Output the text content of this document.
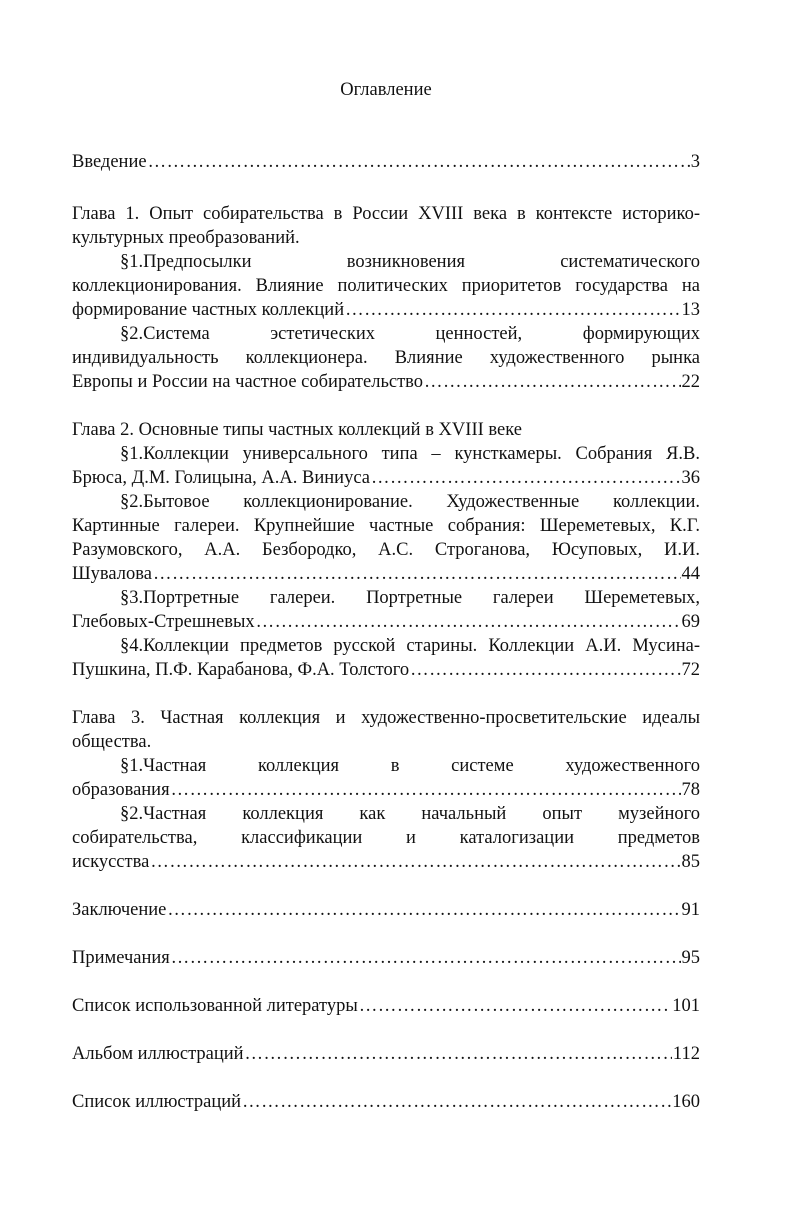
Оглавление
Введение ……………………………………………………………………………………………………………………………………………………	3
Глава 1. Опыт собирательства в России XVIII века в контексте историко-
культурных преобразований.
§1.Предпосылки возникновения систематического
коллекционирования. Влияние политических приоритетов государства на
формирование частных коллекций ……………………………………………………………………………………………………………………………………………………	13
§2.Система эстетических ценностей, формирующих
индивидуальность коллекционера. Влияние художественного рынка
Европы и России на частное собирательство ……………………………………………………………………………………………………………………………………………………	22
Глава 2. Основные типы частных коллекций в XVIII веке
§1.Коллекции универсального типа – кунсткамеры. Собрания Я.В.
Брюса, Д.М. Голицына, А.А. Виниуса ……………………………………………………………………………………………………………………………………………………	36
§2.Бытовое коллекционирование. Художественные коллекции.
Картинные галереи. Крупнейшие частные собрания: Шереметевых, К.Г.
Разумовского, А.А. Безбородко, А.С. Строганова, Юсуповых, И.И.
Шувалова ……………………………………………………………………………………………………………………………………………………	44
§3.Портретные галереи. Портретные галереи Шереметевых,
Глебовых-Стрешневых ……………………………………………………………………………………………………………………………………………………	69
§4.Коллекции предметов русской старины. Коллекции А.И. Мусина-
Пушкина, П.Ф. Карабанова, Ф.А. Толстого ……………………………………………………………………………………………………………………………………………………	72
Глава 3. Частная коллекция и художественно-просветительские идеалы
общества.
§1.Частная коллекция в системе художественного
образования ……………………………………………………………………………………………………………………………………………………	78
§2.Частная коллекция как начальный опыт музейного
собирательства, классификации и каталогизации предметов
искусства ……………………………………………………………………………………………………………………………………………………	85
Заключение ……………………………………………………………………………………………………………………………………………………	91
Примечания ……………………………………………………………………………………………………………………………………………………	95
Список использованной литературы ……………………………………………………………………………………………………………………………………………………	101
Альбом иллюстраций ……………………………………………………………………………………………………………………………………………………	112
Список иллюстраций ……………………………………………………………………………………………………………………………………………………	160
